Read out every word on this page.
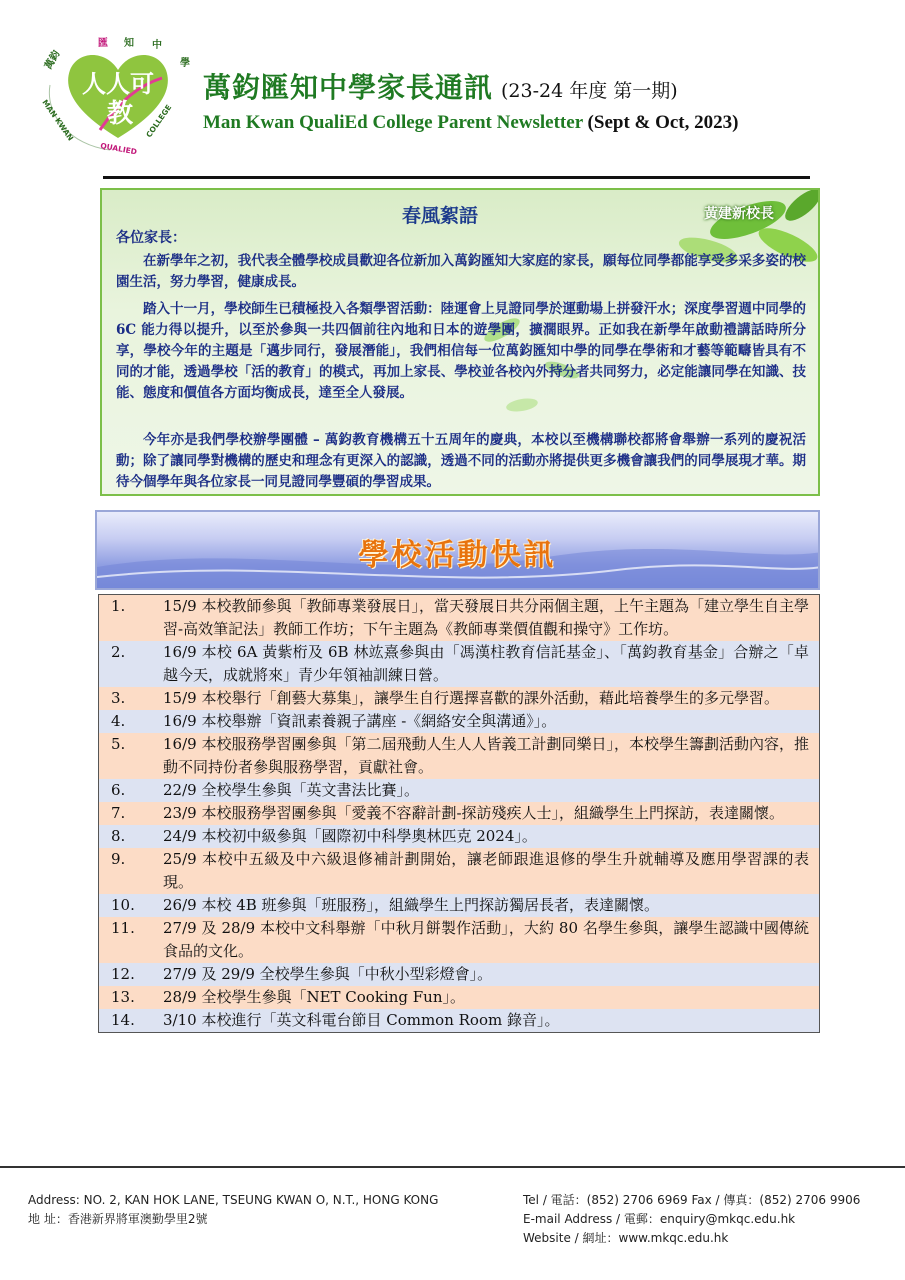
人人可
教
萬鈞
匯 知 中
學
MAN KWAN
QUALIED
COLLEGE
萬鈞匯知中學家長通訊 (23-24 年度 第一期)
Man Kwan QualiEd College Parent Newsletter (Sept & Oct, 2023)
春風絮語	黃建新校長
各位家長：

在新學年之初，我代表全體學校成員歡迎各位新加入萬鈞匯知大家庭的家長，願每位同學都能享受多采多姿的校園生活，努力學習，健康成長。

踏入十一月，學校師生已積極投入各類學習活動：陸運會上見證同學於運動場上拼發汗水；深度學習週中同學的 6C 能力得以提升，以至於參與一共四個前往內地和日本的遊學團，擴濶眼界。正如我在新學年啟動禮講話時所分享，學校今年的主題是「邁步同行，發展潛能」，我們相信每一位萬鈞匯知中學的同學在學術和才藝等範疇皆具有不同的才能，透過學校「活的教育」的模式，再加上家長、學校並各校內外持分者共同努力，必定能讓同學在知識、技能、態度和價值各方面均衡成長，達至全人發展。

今年亦是我們學校辦學團體 – 萬鈞教育機構五十五周年的慶典，本校以至機構聯校都將會舉辦一系列的慶祝活動；除了讓同學對機構的歷史和理念有更深入的認識，透過不同的活動亦將提供更多機會讓我們的同學展現才華。期待今個學年與各位家長一同見證同學豐碩的學習成果。

學校活動快訊
1.	15/9 本校教師參與「教師專業發展日」，當天發展日共分兩個主題，上午主題為「建立學生自主學習-高效筆記法」教師工作坊；下午主題為《教師專業價值觀和操守》工作坊。
2.	16/9 本校 6A 黃紫桁及 6B 林竑熹參與由「馮漢柱教育信託基金」、「萬鈞教育基金」合辦之「卓越今天，成就將來」青少年領袖訓練日營。
3.	15/9 本校舉行「創藝大募集」，讓學生自行選擇喜歡的課外活動，藉此培養學生的多元學習。
4.	16/9 本校舉辦「資訊素養親子講座 -《網絡安全與溝通》」。
5.	16/9 本校服務學習團參與「第二屆飛動人生人人皆義工計劃同樂日」，本校學生籌劃活動內容，推動不同持份者參與服務學習，貢獻社會。
6.	22/9 全校學生參與「英文書法比賽」。
7.	23/9 本校服務學習團參與「愛義不容辭計劃-探訪殘疾人士」，組織學生上門探訪，表達關懷。
8.	24/9 本校初中級參與「國際初中科學奧林匹克 2024」。
9.	25/9 本校中五級及中六級退修補計劃開始，讓老師跟進退修的學生升就輔導及應用學習課的表現。
10.	26/9 本校 4B 班參與「班服務」，組織學生上門探訪獨居長者，表達關懷。
11.	27/9 及 28/9 本校中文科舉辦「中秋月餅製作活動」，大約 80 名學生參與，讓學生認識中國傳統食品的文化。
12.	27/9 及 29/9 全校學生參與「中秋小型彩燈會」。
13.	28/9 全校學生參與「NET Cooking Fun」。
14.	3/10 本校進行「英文科電台節目 Common Room 錄音」。
Address: NO. 2, KAN HOK LANE, TSEUNG KWAN O, N.T., HONG KONG
地 址：香港新界將軍澳勤學里2號
Tel / 電話：(852) 2706 6969 Fax / 傳真：(852) 2706 9906
E-mail Address / 電郵：enquiry@mkqc.edu.hk
Website / 網址：www.mkqc.edu.hk
